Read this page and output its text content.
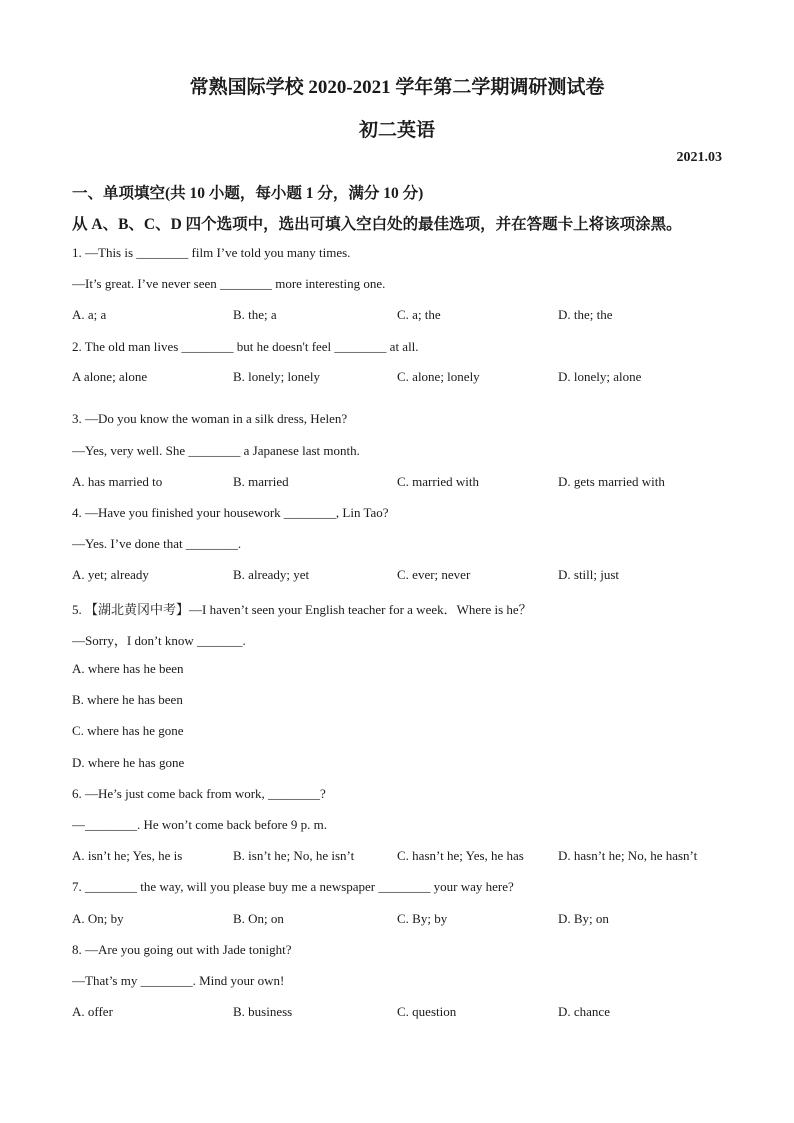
常熟国际学校 2020-2021 学年第二学期调研测试卷
初二英语
2021.03
一、单项填空(共 10 小题，每小题 1 分，满分 10 分)
从 A、B、C、D 四个选项中，选出可填入空白处的最佳选项，并在答题卡上将该项涂黑。
1. —This is ________ film I’ve told you many times.
—It’s great. I’ve never seen ________ more interesting one.
A. a; a	B. the; a	C. a; the	D. the; the
2. The old man lives ________ but he doesn't feel ________ at all.
A alone; alone	B. lonely; lonely	C. alone; lonely	D. lonely; alone
3. —Do you know the woman in a silk dress, Helen?
—Yes, very well. She ________ a Japanese last month.
A. has married to	B. married	C. married with	D. gets married with
4. —Have you finished your housework ________, Lin Tao?
—Yes. I’ve done that ________.
A. yet; already	B. already; yet	C. ever; never	D. still; just
5. 【湖北黄冈中考】—I haven’t seen your English teacher for a week．Where is he？
—Sorry，I don’t know _______.
A. where has he been
B. where he has been
C. where has he gone
D. where he has gone
6. —He’s just come back from work, ________?
—________. He won’t come back before 9 p. m.
A. isn’t he; Yes, he is	B. isn’t he; No, he isn’t	C. hasn’t he; Yes, he has	D. hasn’t he; No, he hasn’t
7. ________ the way, will you please buy me a newspaper ________ your way here?
A. On; by	B. On; on	C. By; by	D. By; on
8. —Are you going out with Jade tonight?
—That’s my ________. Mind your own!
A. offer	B. business	C. question	D. chance
